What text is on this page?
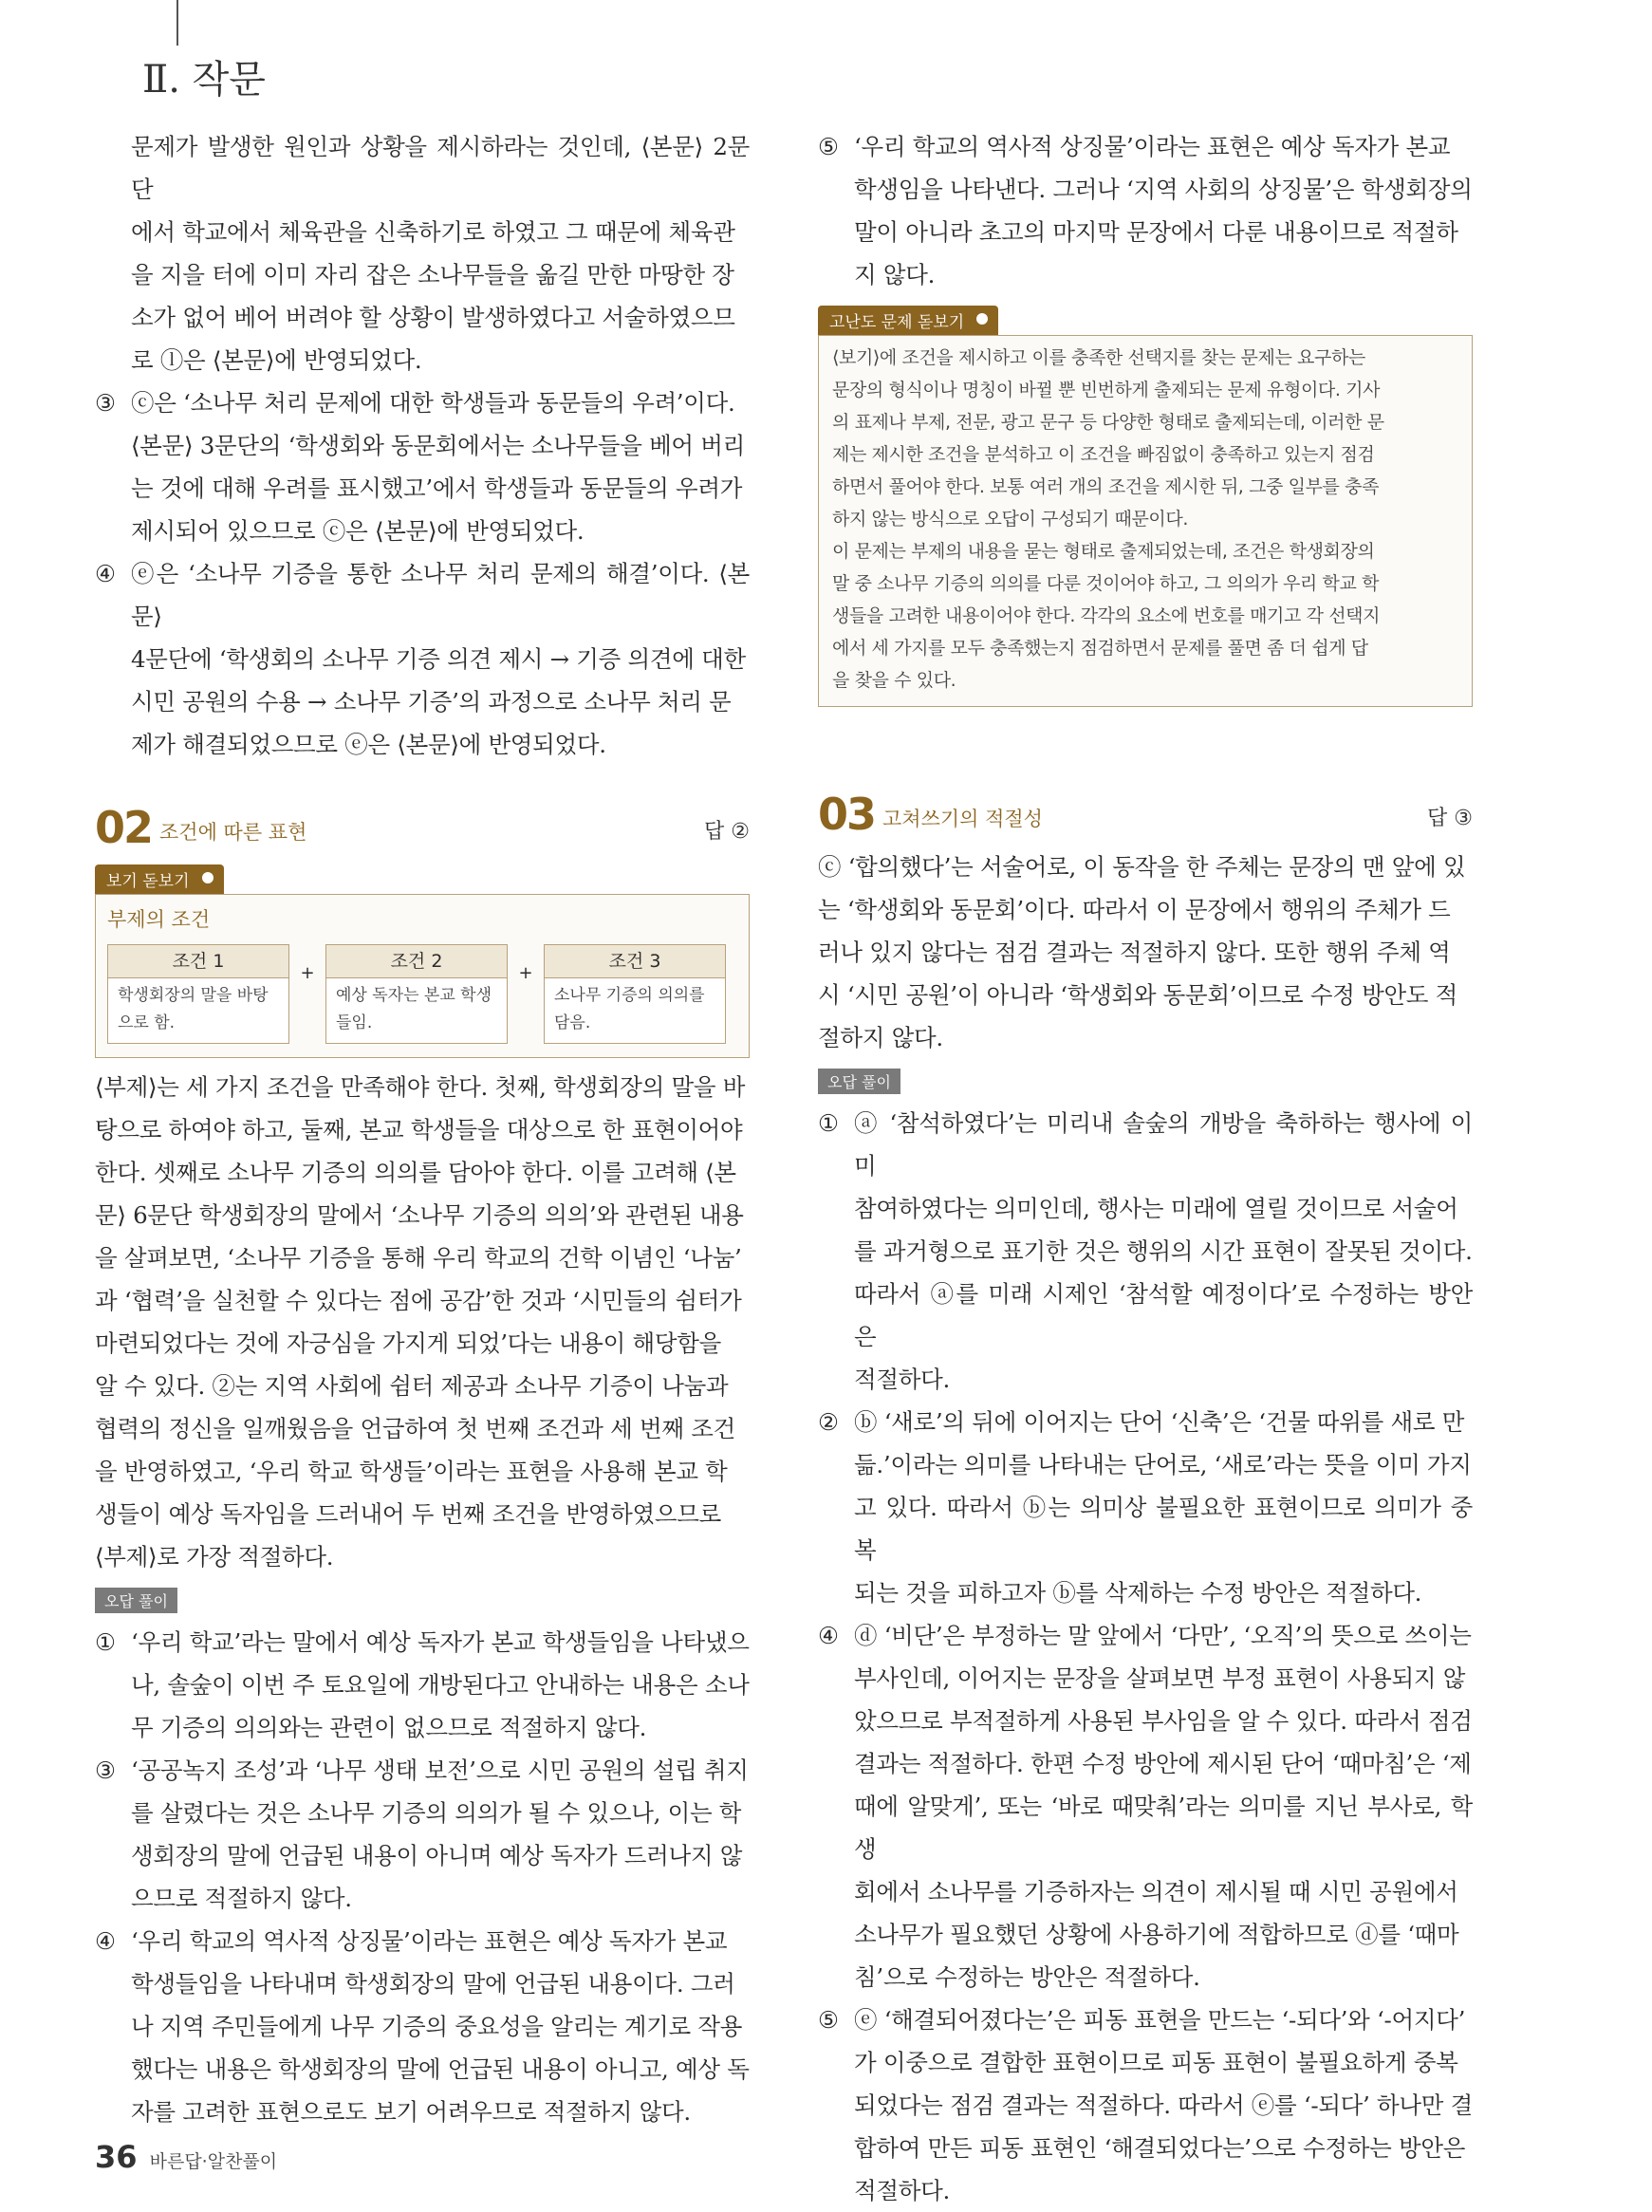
Ⅱ. 작문
문제가 발생한 원인과 상황을 제시하라는 것인데, ⟨본문⟩ 2문단
에서 학교에서 체육관을 신축하기로 하였고 그 때문에 체육관
을 지을 터에 이미 자리 잡은 소나무들을 옮길 만한 마땅한 장
소가 없어 베어 버려야 할 상황이 발생하였다고 서술하였으므
로 ⓛ은 ⟨본문⟩에 반영되었다.
③ ⓒ은 ‘소나무 처리 문제에 대한 학생들과 동문들의 우려’이다.
⟨본문⟩ 3문단의 ‘학생회와 동문회에서는 소나무들을 베어 버리
는 것에 대해 우려를 표시했고’에서 학생들과 동문들의 우려가
제시되어 있으므로 ⓒ은 ⟨본문⟩에 반영되었다.
④ ⓔ은 ‘소나무 기증을 통한 소나무 처리 문제의 해결’이다. ⟨본문⟩
4문단에 ‘학생회의 소나무 기증 의견 제시 → 기증 의견에 대한
시민 공원의 수용 → 소나무 기증’의 과정으로 소나무 처리 문
제가 해결되었으므로 ⓔ은 ⟨본문⟩에 반영되었다.
02 조건에 따른 표현	답 ②
보기 돋보기
부제의 조건
조건 1
학생회장의 말을 바탕으로 함.
+
조건 2
예상 독자는 본교 학생들임.
+
조건 3
소나무 기증의 의의를 담음.
⟨부제⟩는 세 가지 조건을 만족해야 한다. 첫째, 학생회장의 말을 바
탕으로 하여야 하고, 둘째, 본교 학생들을 대상으로 한 표현이어야
한다. 셋째로 소나무 기증의 의의를 담아야 한다. 이를 고려해 ⟨본
문⟩ 6문단 학생회장의 말에서 ‘소나무 기증의 의의’와 관련된 내용
을 살펴보면, ‘소나무 기증을 통해 우리 학교의 건학 이념인 ‘나눔’
과 ‘협력’을 실천할 수 있다는 점에 공감’한 것과 ‘시민들의 쉼터가
마련되었다는 것에 자긍심을 가지게 되었’다는 내용이 해당함을
알 수 있다. ②는 지역 사회에 쉼터 제공과 소나무 기증이 나눔과
협력의 정신을 일깨웠음을 언급하여 첫 번째 조건과 세 번째 조건
을 반영하였고, ‘우리 학교 학생들’이라는 표현을 사용해 본교 학
생들이 예상 독자임을 드러내어 두 번째 조건을 반영하였으므로
⟨부제⟩로 가장 적절하다.
오답 풀이
① ‘우리 학교’라는 말에서 예상 독자가 본교 학생들임을 나타냈으
나, 솔숲이 이번 주 토요일에 개방된다고 안내하는 내용은 소나
무 기증의 의의와는 관련이 없으므로 적절하지 않다.
③ ‘공공녹지 조성’과 ‘나무 생태 보전’으로 시민 공원의 설립 취지
를 살렸다는 것은 소나무 기증의 의의가 될 수 있으나, 이는 학
생회장의 말에 언급된 내용이 아니며 예상 독자가 드러나지 않
으므로 적절하지 않다.
④ ‘우리 학교의 역사적 상징물’이라는 표현은 예상 독자가 본교
학생들임을 나타내며 학생회장의 말에 언급된 내용이다. 그러
나 지역 주민들에게 나무 기증의 중요성을 알리는 계기로 작용
했다는 내용은 학생회장의 말에 언급된 내용이 아니고, 예상 독
자를 고려한 표현으로도 보기 어려우므로 적절하지 않다.
⑤ ‘우리 학교의 역사적 상징물’이라는 표현은 예상 독자가 본교
학생임을 나타낸다. 그러나 ‘지역 사회의 상징물’은 학생회장의
말이 아니라 초고의 마지막 문장에서 다룬 내용이므로 적절하
지 않다.
고난도 문제 돋보기
⟨보기⟩에 조건을 제시하고 이를 충족한 선택지를 찾는 문제는 요구하는
문장의 형식이나 명칭이 바뀔 뿐 빈번하게 출제되는 문제 유형이다. 기사
의 표제나 부제, 전문, 광고 문구 등 다양한 형태로 출제되는데, 이러한 문
제는 제시한 조건을 분석하고 이 조건을 빠짐없이 충족하고 있는지 점검
하면서 풀어야 한다. 보통 여러 개의 조건을 제시한 뒤, 그중 일부를 충족
하지 않는 방식으로 오답이 구성되기 때문이다.
이 문제는 부제의 내용을 묻는 형태로 출제되었는데, 조건은 학생회장의
말 중 소나무 기증의 의의를 다룬 것이어야 하고, 그 의의가 우리 학교 학
생들을 고려한 내용이어야 한다. 각각의 요소에 번호를 매기고 각 선택지
에서 세 가지를 모두 충족했는지 점검하면서 문제를 풀면 좀 더 쉽게 답
을 찾을 수 있다.
03 고쳐쓰기의 적절성	답 ③
ⓒ ‘합의했다’는 서술어로, 이 동작을 한 주체는 문장의 맨 앞에 있
는 ‘학생회와 동문회’이다. 따라서 이 문장에서 행위의 주체가 드
러나 있지 않다는 점검 결과는 적절하지 않다. 또한 행위 주체 역
시 ‘시민 공원’이 아니라 ‘학생회와 동문회’이므로 수정 방안도 적
절하지 않다.
오답 풀이
① ⓐ ‘참석하였다’는 미리내 솔숲의 개방을 축하하는 행사에 이미
참여하였다는 의미인데, 행사는 미래에 열릴 것이므로 서술어
를 과거형으로 표기한 것은 행위의 시간 표현이 잘못된 것이다.
따라서 ⓐ를 미래 시제인 ‘참석할 예정이다’로 수정하는 방안은
적절하다.
② ⓑ ‘새로’의 뒤에 이어지는 단어 ‘신축’은 ‘건물 따위를 새로 만
듦.’이라는 의미를 나타내는 단어로, ‘새로’라는 뜻을 이미 가지
고 있다. 따라서 ⓑ는 의미상 불필요한 표현이므로 의미가 중복
되는 것을 피하고자 ⓑ를 삭제하는 수정 방안은 적절하다.
④ ⓓ ‘비단’은 부정하는 말 앞에서 ‘다만’, ‘오직’의 뜻으로 쓰이는
부사인데, 이어지는 문장을 살펴보면 부정 표현이 사용되지 않
았으므로 부적절하게 사용된 부사임을 알 수 있다. 따라서 점검
결과는 적절하다. 한편 수정 방안에 제시된 단어 ‘때마침’은 ‘제
때에 알맞게’, 또는 ‘바로 때맞춰’라는 의미를 지닌 부사로, 학생
회에서 소나무를 기증하자는 의견이 제시될 때 시민 공원에서
소나무가 필요했던 상황에 사용하기에 적합하므로 ⓓ를 ‘때마
침’으로 수정하는 방안은 적절하다.
⑤ ⓔ ‘해결되어졌다는’은 피동 표현을 만드는 ‘-되다’와 ‘-어지다’
가 이중으로 결합한 표현이므로 피동 표현이 불필요하게 중복
되었다는 점검 결과는 적절하다. 따라서 ⓔ를 ‘-되다’ 하나만 결
합하여 만든 피동 표현인 ‘해결되었다는’으로 수정하는 방안은
적절하다.
36 바른답·알찬풀이
